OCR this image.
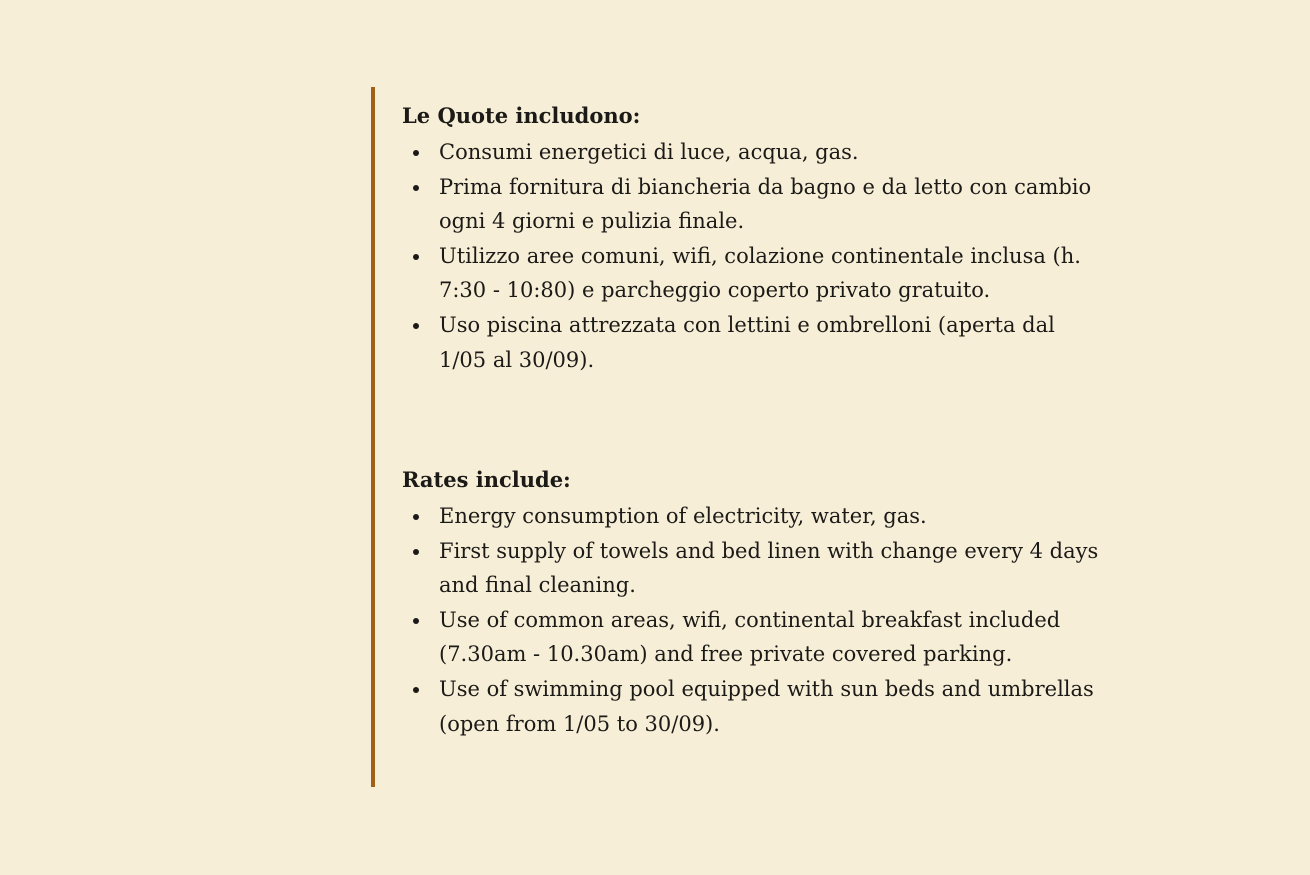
Le Quote includono:
Consumi energetici di luce, acqua, gas.
Prima fornitura di biancheria da bagno e da letto con cambio ogni 4 giorni e pulizia finale.
Utilizzo aree comuni, wifi, colazione continentale inclusa (h. 7:30 - 10:80) e parcheggio coperto privato gratuito.
Uso piscina attrezzata con lettini e ombrelloni (aperta dal 1/05 al 30/09).
Rates include:
Energy consumption of electricity, water, gas.
First supply of towels and bed linen with change every 4 days and final cleaning.
Use of common areas, wifi, continental breakfast included (7.30am - 10.30am) and free private covered parking.
Use of swimming pool equipped with sun beds and umbrellas (open from 1/05 to 30/09).
